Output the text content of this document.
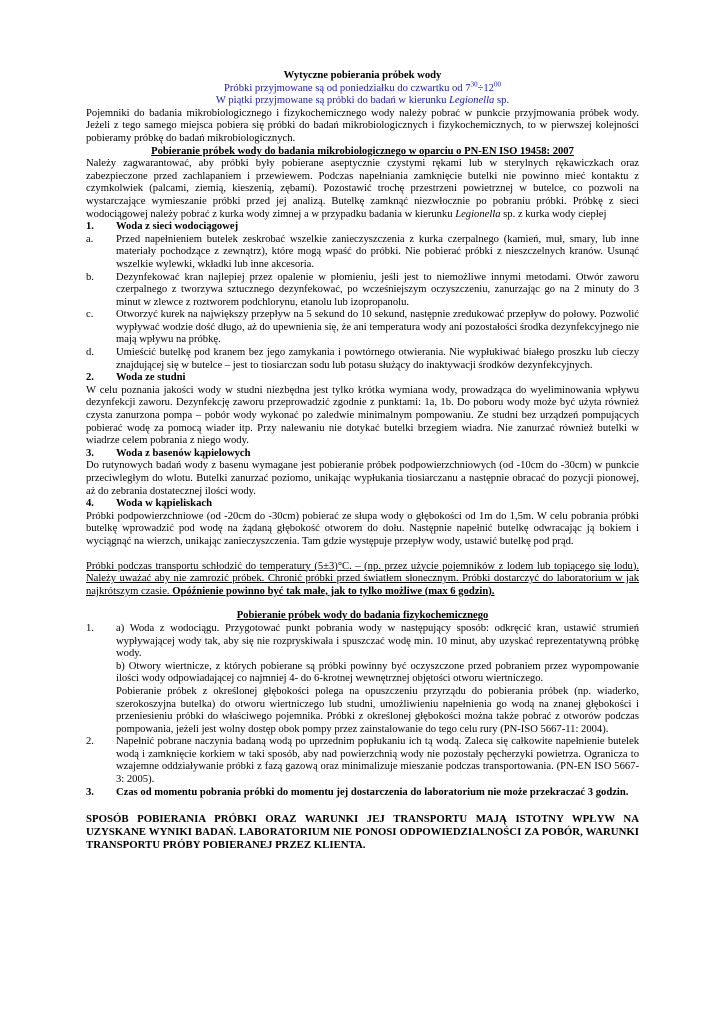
Wytyczne pobierania próbek wody

Próbki przyjmowane są od poniedziałku do czwartku od $7^{30}\div 12^{00}$

W piątki przyjmowane są próbki do badań w kierunku Legionella sp.

Pojemniki do badania mikrobiologicznego i fizykochemicznego wody należy pobrać w punkcie przyjmowania próbek wody. Jeżeli z tego samego miejsca pobiera się próbki do badań mikrobiologicznych i fizykochemicznych, to w pierwszej kolejności pobieramy próbkę do badań mikrobiologicznych.

Pobieranie próbek wody do badania mikrobiologicznego w oparciu o PN-EN ISO 19458: 2007

Należy zagwarantować, aby próbki były pobierane aseptycznie czystymi rękami lub w sterylnych rękawiczkach oraz zabezpieczone przed zachlapaniem i przewiewem. Podczas napełniania zamknięcie butelki nie powinno mieć kontaktu z czymkolwiek (palcami, ziemią, kieszenią, zębami). Pozostawić trochę przestrzeni powietrznej w butelce, co pozwoli na wystarczające wymieszanie próbki przed jej analizą. Butelkę zamknąć niezwłocznie po pobraniu próbki. Próbkę z sieci wodociągowej należy pobrać z kurka wody zimnej a w przypadku badania w kierunku Legionella sp. z kurka wody ciepłej

1.	Woda z sieci wodociągowej
a.	Przed napełnieniem butelek zeskrobać wszelkie zanieczyszczenia z kurka czerpalnego (kamień, muł, smary, lub inne materiały pochodzące z zewnątrz), które mogą wpaść do próbki. Nie pobierać próbki z nieszczelnych kranów. Usunąć wszelkie wylewki, wkładki lub inne akcesoria.
b.	Dezynfekować kran najlepiej przez opalenie w płomieniu, jeśli jest to niemożliwe innymi metodami. Otwór zaworu czerpalnego z tworzywa sztucznego dezynfekować, po wcześniejszym oczyszczeniu, zanurzając go na 2 minuty do 3 minut w zlewce z roztworem podchlorynu, etanolu lub izopropanolu.
c.	Otworzyć kurek na największy przepływ na 5 sekund do 10 sekund, następnie zredukować przepływ do połowy. Pozwolić wypływać wodzie dość długo, aż do upewnienia się, że ani temperatura wody ani pozostałości środka dezynfekcyjnego nie mają wpływu na próbkę.
d.	Umieścić butelkę pod kranem bez jego zamykania i powtórnego otwierania. Nie wypłukiwać białego proszku lub cieczy znajdującej się w butelce – jest to tiosiarczan sodu lub potasu służący do inaktywacji środków dezynfekcyjnych.
2.	Woda ze studni

W celu poznania jakości wody w studni niezbędna jest tylko krótka wymiana wody, prowadząca do wyeliminowania wpływu dezynfekcji zaworu. Dezynfekcję zaworu przeprowadzić zgodnie z punktami: 1a, 1b. Do poboru wody może być użyta również czysta zanurzona pompa – pobór wody wykonać po zaledwie minimalnym pompowaniu. Ze studni bez urządzeń pompujących pobierać wodę za pomocą wiader itp. Przy nalewaniu nie dotykać butelki brzegiem wiadra. Nie zanurzać również butelki w wiadrze celem pobrania z niego wody.

3.	Woda z basenów kąpielowych

Do rutynowych badań wody z basenu wymagane jest pobieranie próbek podpowierzchniowych (od -10cm do -30cm) w punkcie przeciwległym do wlotu. Butelki zanurzać poziomo, unikając wypłukania tiosiarczanu a następnie obracać do pozycji pionowej, aż do zebrania dostatecznej ilości wody.

4.	Woda w kąpieliskach

Próbki podpowierzchniowe (od -20cm do -30cm) pobierać ze słupa wody o głębokości od 1m do 1,5m. W celu pobrania próbki butelkę wprowadzić pod wodę na żądaną głębokość otworem do dołu. Następnie napełnić butelkę odwracając ją bokiem i wyciągnąć na wierzch, unikając zanieczyszczenia. Tam gdzie występuje przepływ wody, ustawić butelkę pod prąd.

Próbki podczas transportu schłodzić do temperatury (5±3)°C. – (np. przez użycie pojemników z lodem lub topiącego się lodu). Należy uważać aby nie zamrozić próbek. Chronić próbki przed światłem słonecznym. Próbki dostarczyć do laboratorium w jak najkrótszym czasie. Opóźnienie powinno być tak małe, jak to tylko możliwe (max 6 godzin).

Pobieranie próbek wody do badania fizykochemicznego

1.	a) Woda z wodociągu. Przygotować punkt pobrania wody w następujący sposób: odkręcić kran, ustawić strumień wypływającej wody tak, aby się nie rozpryskiwała i spuszczać wodę min. 10 minut, aby uzyskać reprezentatywną próbkę wody.

b) Otwory wiertnicze, z których pobierane są próbki powinny być oczyszczone przed pobraniem przez wypompowanie ilości wody odpowiadającej co najmniej 4- do 6-krotnej wewnętrznej objętości otworu wiertniczego.

Pobieranie próbek z określonej głębokości polega na opuszczeniu przyrządu do pobierania próbek (np. wiaderko, szerokoszyjna butelka) do otworu wiertniczego lub studni, umożliwieniu napełnienia go wodą na znanej głębokości i przeniesieniu próbki do właściwego pojemnika. Próbki z określonej głębokości można także pobrać z otworów podczas pompowania, jeżeli jest wolny dostęp obok pompy przez zainstalowanie do tego celu rury (PN-ISO 5667-11: 2004).

2.	Napełnić pobrane naczynia badaną wodą po uprzednim popłukaniu ich tą wodą. Zaleca się całkowite napełnienie butelek wodą i zamknięcie korkiem w taki sposób, aby nad powierzchnią wody nie pozostały pęcherzyki powietrza. Ogranicza to wzajemne oddziaływanie próbki z fazą gazową oraz minimalizuje mieszanie podczas transportowania. (PN-EN ISO 5667-3: 2005).
3.	Czas od momentu pobrania próbki do momentu jej dostarczenia do laboratorium nie może przekraczać 3 godzin.

SPOSÓB POBIERANIA PRÓBKI ORAZ WARUNKI JEJ TRANSPORTU MAJĄ ISTOTNY WPŁYW NA UZYSKANE WYNIKI BADAŃ. LABORATORIUM NIE PONOSI ODPOWIEDZIALNOŚCI ZA POBÓR, WARUNKI TRANSPORTU PRÓBY POBIERANEJ PRZEZ KLIENTA.
